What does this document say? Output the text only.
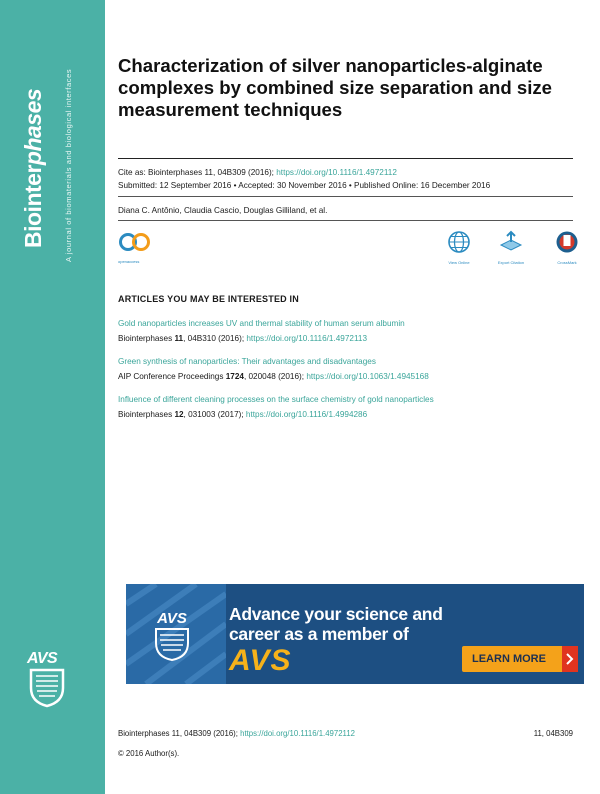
Biointerphases	A journal of biomaterials and biological interfaces
AVS
Characterization of silver nanoparticles-alginate complexes by combined size separation and size measurement techniques
Cite as: Biointerphases 11, 04B309 (2016); https://doi.org/10.1116/1.4972112
Submitted: 12 September 2016 • Accepted: 30 November 2016 • Published Online: 16 December 2016
Diana C. Antônio, Claudia Cascio, Douglas Gilliland, et al.
openaccess	View Online	Export Citation	CrossMark
ARTICLES YOU MAY BE INTERESTED IN
Gold nanoparticles increases UV and thermal stability of human serum albumin
Biointerphases 11, 04B310 (2016); https://doi.org/10.1116/1.4972113
Green synthesis of nanoparticles: Their advantages and disadvantages
AIP Conference Proceedings 1724, 020048 (2016); https://doi.org/10.1063/1.4945168
Influence of different cleaning processes on the surface chemistry of gold nanoparticles
Biointerphases 12, 031003 (2017); https://doi.org/10.1116/1.4994286
AVS	Advance your science and
career as a member of
AVS	LEARN MORE
Biointerphases 11, 04B309 (2016); https://doi.org/10.1116/1.4972112	11, 04B309
© 2016 Author(s).
